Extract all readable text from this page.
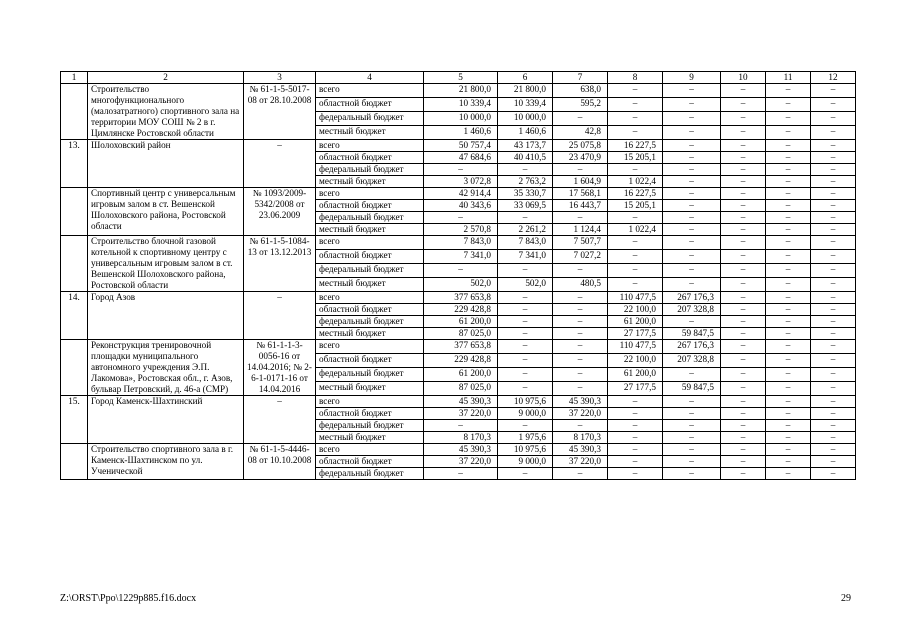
1	2	3	4	5	6	7	8	9	10	11	12
	Строительство многофункционального (малозатратного) спортивного зала на территории МОУ СОШ № 2 в г. Цимлянске Ростовской области	№ 61-1-5-5017-08 от 28.10.2008	всего	21 800,0	21 800,0	638,0	–	–	–	–	–
			областной бюджет	10 339,4	10 339,4	595,2	–	–	–	–	–
			федеральный бюджет	10 000,0	10 000,0	–	–	–	–	–	–
			местный бюджет	1 460,6	1 460,6	42,8	–	–	–	–	–
13.	Шолоховский район	–	всего	50 757,4	43 173,7	25 075,8	16 227,5	–	–	–	–
			областной бюджет	47 684,6	40 410,5	23 470,9	15 205,1	–	–	–	–
			федеральный бюджет	–	–	–	–	–	–	–	–
			местный бюджет	3 072,8	2 763,2	1 604,9	1 022,4	–	–	–	–
	Спортивный центр с универсальным игровым залом в ст. Вешенской Шолоховского района, Ростовской области	№ 1093/2009-5342/2008 от 23.06.2009	всего	42 914,4	35 330,7	17 568,1	16 227,5	–	–	–	–
			областной бюджет	40 343,6	33 069,5	16 443,7	15 205,1	–	–	–	–
			федеральный бюджет	–	–	–	–	–	–	–	–
			местный бюджет	2 570,8	2 261,2	1 124,4	1 022,4	–	–	–	–
	Строительство блочной газовой котельной к спортивному центру с универсальным игровым залом в ст. Вешенской Шолоховского района, Ростовской области	№ 61-1-5-1084-13 от 13.12.2013	всего	7 843,0	7 843,0	7 507,7	–	–	–	–	–
			областной бюджет	7 341,0	7 341,0	7 027,2	–	–	–	–	–
			федеральный бюджет	–	–	–	–	–	–	–	–
			местный бюджет	502,0	502,0	480,5	–	–	–	–	–
14.	Город Азов	–	всего	377 653,8	–	–	110 477,5	267 176,3	–	–	–
			областной бюджет	229 428,8	–	–	22 100,0	207 328,8	–	–	–
			федеральный бюджет	61 200,0	–	–	61 200,0	–	–	–	–
			местный бюджет	87 025,0	–	–	27 177,5	59 847,5	–	–	–
	Реконструкция тренировочной площадки муниципального автономного учреждения Э.П. Лакомова», Ростовская обл., г. Азов, бульвар Петровский, д. 46-а (СМР)	№ 61-1-1-3-0056-16 от 14.04.2016; № 2-6-1-0171-16 от 14.04.2016	всего	377 653,8	–	–	110 477,5	267 176,3	–	–	–
			областной бюджет	229 428,8	–	–	22 100,0	207 328,8	–	–	–
			федеральный бюджет	61 200,0	–	–	61 200,0	–	–	–	–
			местный бюджет	87 025,0	–	–	27 177,5	59 847,5	–	–	–
15.	Город Каменск-Шахтинский	–	всего	45 390,3	10 975,6	45 390,3	–	–	–	–	–
			областной бюджет	37 220,0	9 000,0	37 220,0	–	–	–	–	–
			федеральный бюджет	–	–	–	–	–	–	–	–
			местный бюджет	8 170,3	1 975,6	8 170,3	–	–	–	–	–
	Строительство спортивного зала в г. Каменск-Шахтинском по ул. Ученической	№ 61-1-5-4446-08 от 10.10.2008	всего	45 390,3	10 975,6	45 390,3	–	–	–	–	–
			областной бюджет	37 220,0	9 000,0	37 220,0	–	–	–	–	–
			федеральный бюджет	–	–	–	–	–	–	–	–
Z:\ORST\Ppo\1229p885.f16.docx	29
